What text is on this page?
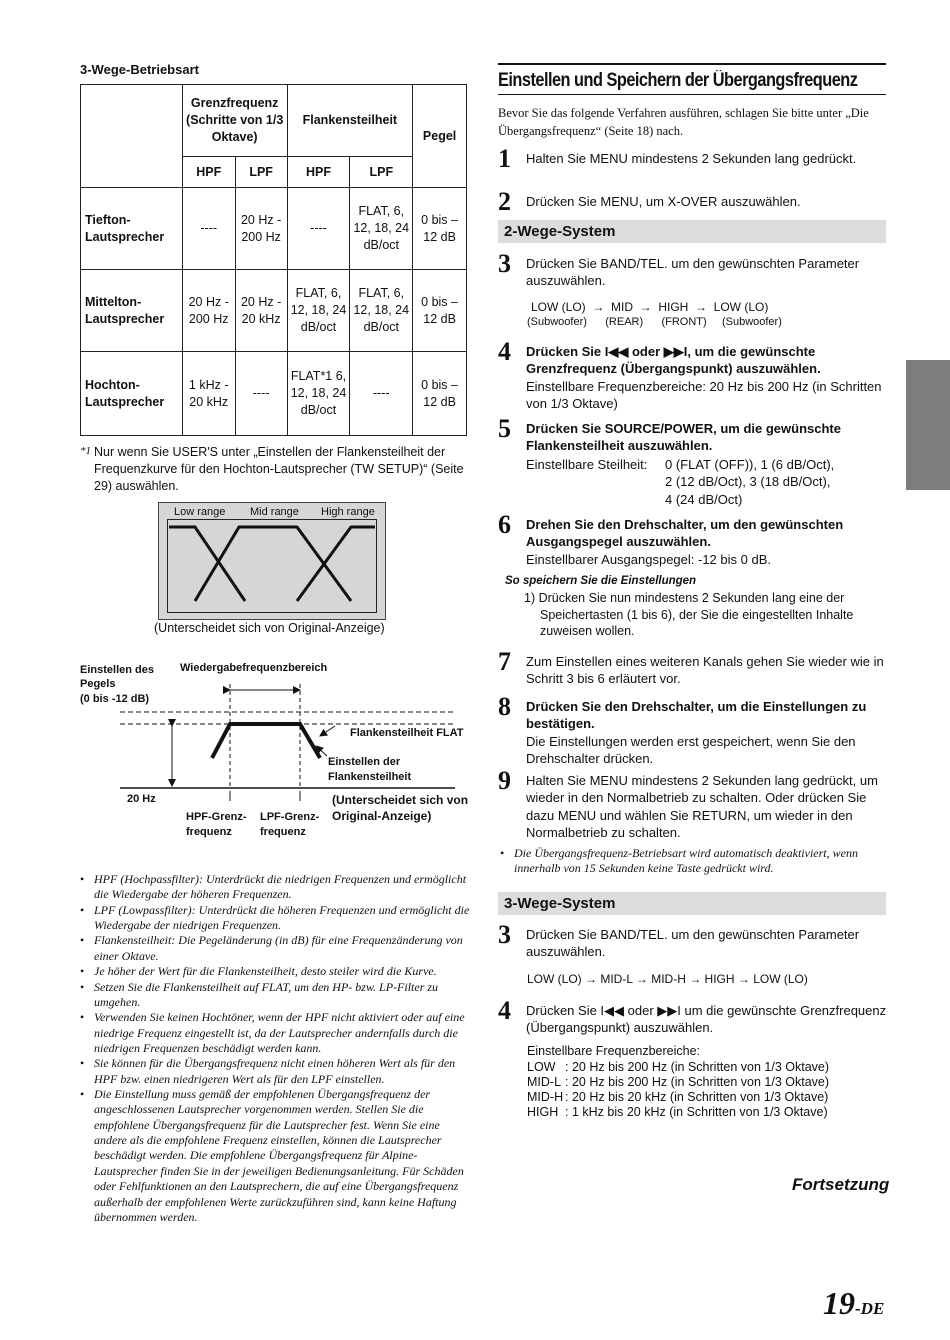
3-Wege-Betriebsart
	Grenzfrequenz (Schritte von 1/3 Oktave)		Flankensteilheit		Pegel
	HPF	LPF	HPF	LPF	
Tiefton-Lautsprecher	----	20 Hz - 200 Hz	----	FLAT, 6, 12, 18, 24 dB/oct	0 bis –12 dB
Mittelton-Lautsprecher	20 Hz - 200 Hz	20 Hz - 20 kHz	FLAT, 6, 12, 18, 24 dB/oct	FLAT, 6, 12, 18, 24 dB/oct	0 bis –12 dB
Hochton-Lautsprecher	1 kHz - 20 kHz	----	FLAT*1 6, 12, 18, 24 dB/oct	----	0 bis –12 dB
*1 Nur wenn Sie USER'S unter „Einstellen der Flankensteilheit der Frequenzkurve für den Hochton-Lautsprecher (TW SETUP)“ (Seite 29) auswählen.
Low range Mid range High range
(Unterscheidet sich von Original-Anzeige)
Einstellen des
Pegels
(0 bis -12 dB)
Wiedergabefrequenzbereich
Flankensteilheit FLAT
Einstellen der
Flankensteilheit
20 Hz
HPF-Grenz-
frequenz
LPF-Grenz-
frequenz
(Unterscheidet sich von
Original-Anzeige)
• HPF (Hochpassfilter): Unterdrückt die niedrigen Frequenzen und ermöglicht die Wiedergabe der höheren Frequenzen.
• LPF (Lowpassfilter): Unterdrückt die höheren Frequenzen und ermöglicht die Wiedergabe der niedrigen Frequenzen.
• Flankensteilheit: Die Pegeländerung (in dB) für eine Frequenzänderung von einer Oktave.
• Je höher der Wert für die Flankensteilheit, desto steiler wird die Kurve.
• Setzen Sie die Flankensteilheit auf FLAT, um den HP- bzw. LP-Filter zu umgehen.
• Verwenden Sie keinen Hochtöner, wenn der HPF nicht aktiviert oder auf eine niedrige Frequenz eingestellt ist, da der Lautsprecher andernfalls durch die niedrigen Frequenzen beschädigt werden kann.
• Sie können für die Übergangsfrequenz nicht einen höheren Wert als für den HPF bzw. einen niedrigeren Wert als für den LPF einstellen.
• Die Einstellung muss gemäß der empfohlenen Übergangsfrequenz der angeschlossenen Lautsprecher vorgenommen werden. Stellen Sie die empfohlene Übergangsfrequenz für die Lautsprecher fest. Wenn Sie eine andere als die empfohlene Frequenz einstellen, können die Lautsprecher beschädigt werden. Die empfohlene Übergangsfrequenz für Alpine-Lautsprecher finden Sie in der jeweiligen Bedienungsanleitung. Für Schäden oder Fehlfunktionen an den Lautsprechern, die auf eine Übergangsfrequenz außerhalb der empfohlenen Werte zurückzuführen sind, kann keine Haftung übernommen werden.
Einstellen und Speichern der Übergangsfrequenz
Bevor Sie das folgende Verfahren ausführen, schlagen Sie bitte unter „Die Übergangsfrequenz“ (Seite 18) nach.
1 Halten Sie MENU mindestens 2 Sekunden lang gedrückt.
2 Drücken Sie MENU, um X-OVER auszuwählen.
2-Wege-System
3 Drücken Sie BAND/TEL. um den gewünschten Parameter auszuwählen.
LOW (LO)  →  MID  →  HIGH  →  LOW (LO)
(Subwoofer)      (REAR)      (FRONT)     (Subwoofer)
4 Drücken Sie I◀◀ oder ▶▶I, um die gewünschte Grenzfrequenz (Übergangspunkt) auszuwählen.
Einstellbare Frequenzbereiche: 20 Hz bis 200 Hz (in Schritten von 1/3 Oktave)
5 Drücken Sie SOURCE/POWER, um die gewünschte Flankensteilheit auszuwählen.
Einstellbare Steilheit: 0 (FLAT (OFF)), 1 (6 dB/Oct),
2 (12 dB/Oct), 3 (18 dB/Oct),
4 (24 dB/Oct)
6 Drehen Sie den Drehschalter, um den gewünschten Ausgangspegel auszuwählen.
Einstellbarer Ausgangspegel: -12 bis 0 dB.
So speichern Sie die Einstellungen
1) Drücken Sie nun mindestens 2 Sekunden lang eine der Speichertasten (1 bis 6), der Sie die eingestellten Inhalte zuweisen wollen.
7 Zum Einstellen eines weiteren Kanals gehen Sie wieder wie in Schritt 3 bis 6 erläutert vor.
8 Drücken Sie den Drehschalter, um die Einstellungen zu bestätigen.
Die Einstellungen werden erst gespeichert, wenn Sie den Drehschalter drücken.
9 Halten Sie MENU mindestens 2 Sekunden lang gedrückt, um wieder in den Normalbetrieb zu schalten. Oder drücken Sie dazu MENU und wählen Sie RETURN, um wieder in den Normalbetrieb zu schalten.
• Die Übergangsfrequenz-Betriebsart wird automatisch deaktiviert, wenn innerhalb von 15 Sekunden keine Taste gedrückt wird.
3-Wege-System
3 Drücken Sie BAND/TEL. um den gewünschten Parameter auszuwählen.
LOW (LO) → MID-L → MID-H → HIGH → LOW (LO)
4 Drücken Sie I◀◀ oder ▶▶I um die gewünschte Grenzfrequenz (Übergangspunkt) auszuwählen.
Einstellbare Frequenzbereiche:
LOW : 20 Hz bis 200 Hz (in Schritten von 1/3 Oktave)
MID-L : 20 Hz bis 200 Hz (in Schritten von 1/3 Oktave)
MID-H : 20 Hz bis 20 kHz (in Schritten von 1/3 Oktave)
HIGH : 1 kHz bis 20 kHz (in Schritten von 1/3 Oktave)
Fortsetzung
19-DE
